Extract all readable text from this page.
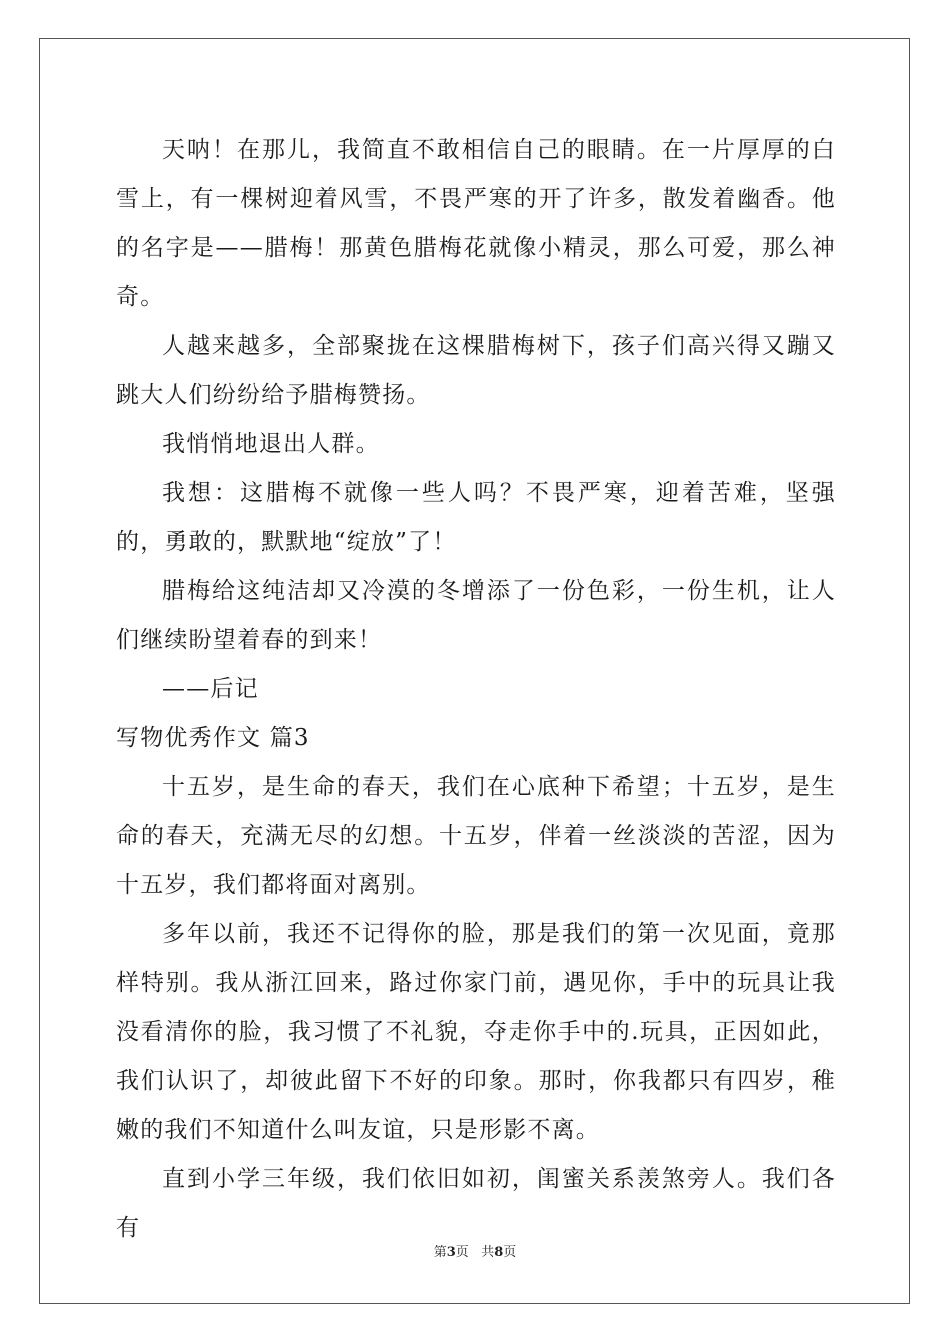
天呐！在那儿，我简直不敢相信自己的眼睛。在一片厚厚的白雪上，有一棵树迎着风雪，不畏严寒的开了许多，散发着幽香。他的名字是——腊梅！那黄色腊梅花就像小精灵，那么可爱，那么神奇。

人越来越多，全部聚拢在这棵腊梅树下，孩子们高兴得又蹦又跳大人们纷纷给予腊梅赞扬。

我悄悄地退出人群。

我想：这腊梅不就像一些人吗？不畏严寒，迎着苦难，坚强的，勇敢的，默默地“绽放”了！

腊梅给这纯洁却又冷漠的冬增添了一份色彩，一份生机，让人们继续盼望着春的到来！

——后记

写物优秀作文 篇3

十五岁，是生命的春天，我们在心底种下希望；十五岁，是生命的春天，充满无尽的幻想。十五岁，伴着一丝淡淡的苦涩，因为十五岁，我们都将面对离别。

多年以前，我还不记得你的脸，那是我们的第一次见面，竟那样特别。我从浙江回来，路过你家门前，遇见你，手中的玩具让我没看清你的脸，我习惯了不礼貌，夺走你手中的.玩具，正因如此，我们认识了，却彼此留下不好的印象。那时，你我都只有四岁，稚嫩的我们不知道什么叫友谊，只是形影不离。

直到小学三年级，我们依旧如初，闺蜜关系羡煞旁人。我们各有

第3页 共8页
